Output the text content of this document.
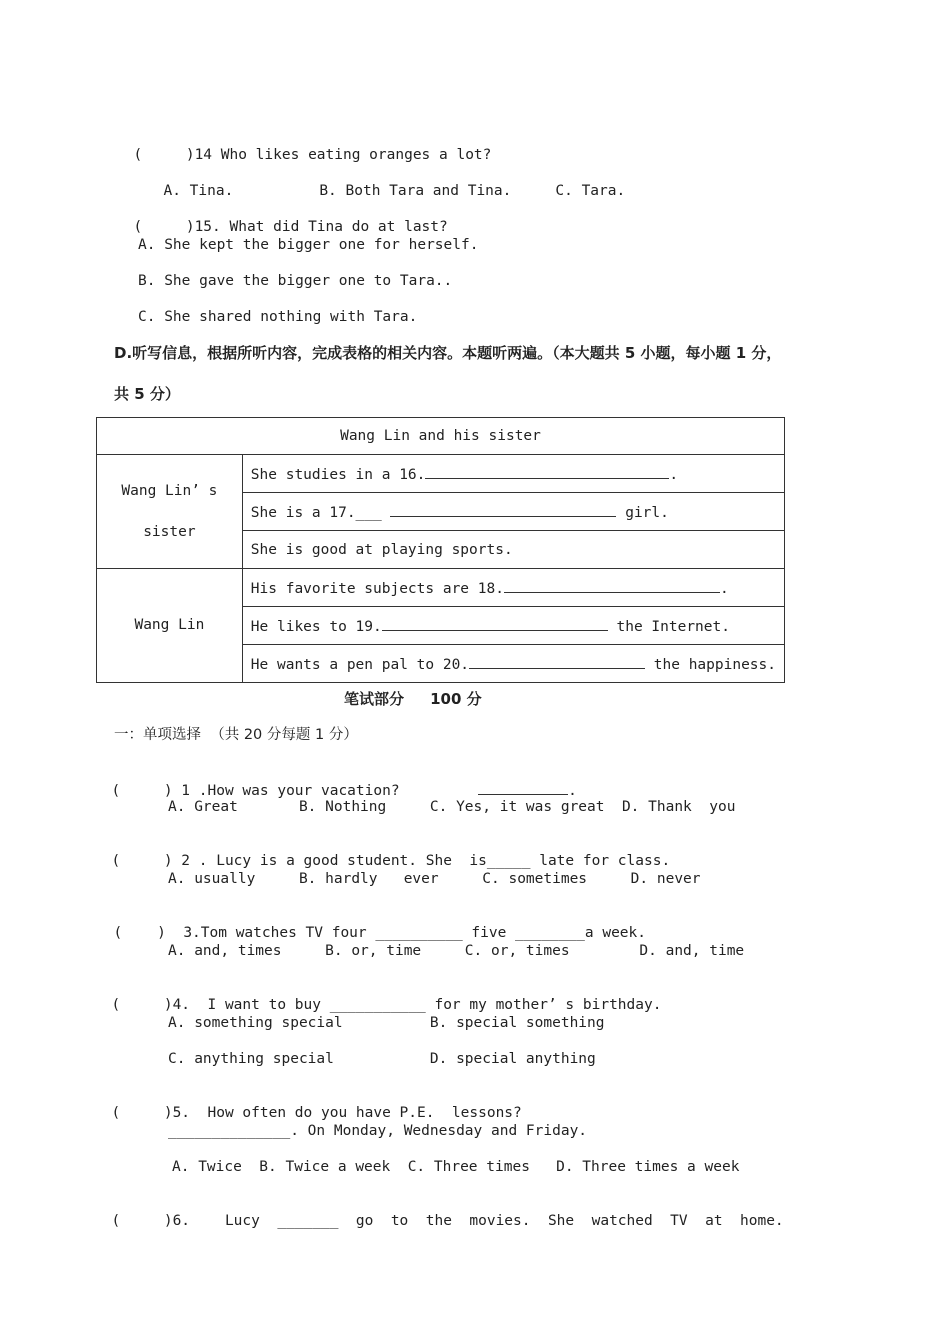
(     )14 Who likes eating oranges a lot?

A. Tina.	B. Both Tara and Tina.	C. Tara.

(     )15. What did Tina do at last?

A. She kept the bigger one for herself.
B. She gave the bigger one to Tara..
C. She shared nothing with Tara.
D.听写信息，根据所听内容，完成表格的相关内容。本题听两遍。（本大题共 5 小题，每小题 1 分，
共 5 分）
Wang Lin and his sister	
Wang Lin’ s sister	She studies in a 16. .
	She is a 17.___ girl.
	She is good at playing sports.
Wang Lin	His favorite subjects are 18. .
	He likes to 19. the Internet.
	He wants a pen pal to 20. the happiness.
笔试部分     100 分
一：单项选择  （共 20 分每题 1 分）

(     ) 1 .How was your vacation?	.

A. Great       B. Nothing     C. Yes, it was great  D. Thank  you

(     ) 2 . Lucy is a good student. She  is_____ late for class.

A. usually     B. hardly   ever     C. sometimes     D. never

(    )  3.Tom watches TV four __________ five ________a week.

A. and, times     B. or, time     C. or, times        D. and, time

(     )4.  I want to buy ___________ for my mother’ s birthday.

A. something special          B. special something
C. anything special           D. special anything

(     )5.  How often do you have P.E.  lessons?

______________. On Monday, Wednesday and Friday.
A. Twice  B. Twice a week  C. Three times   D. Three times a week

(     )6.    Lucy  _______  go  to  the  movies.  She  watched  TV  at  home.
